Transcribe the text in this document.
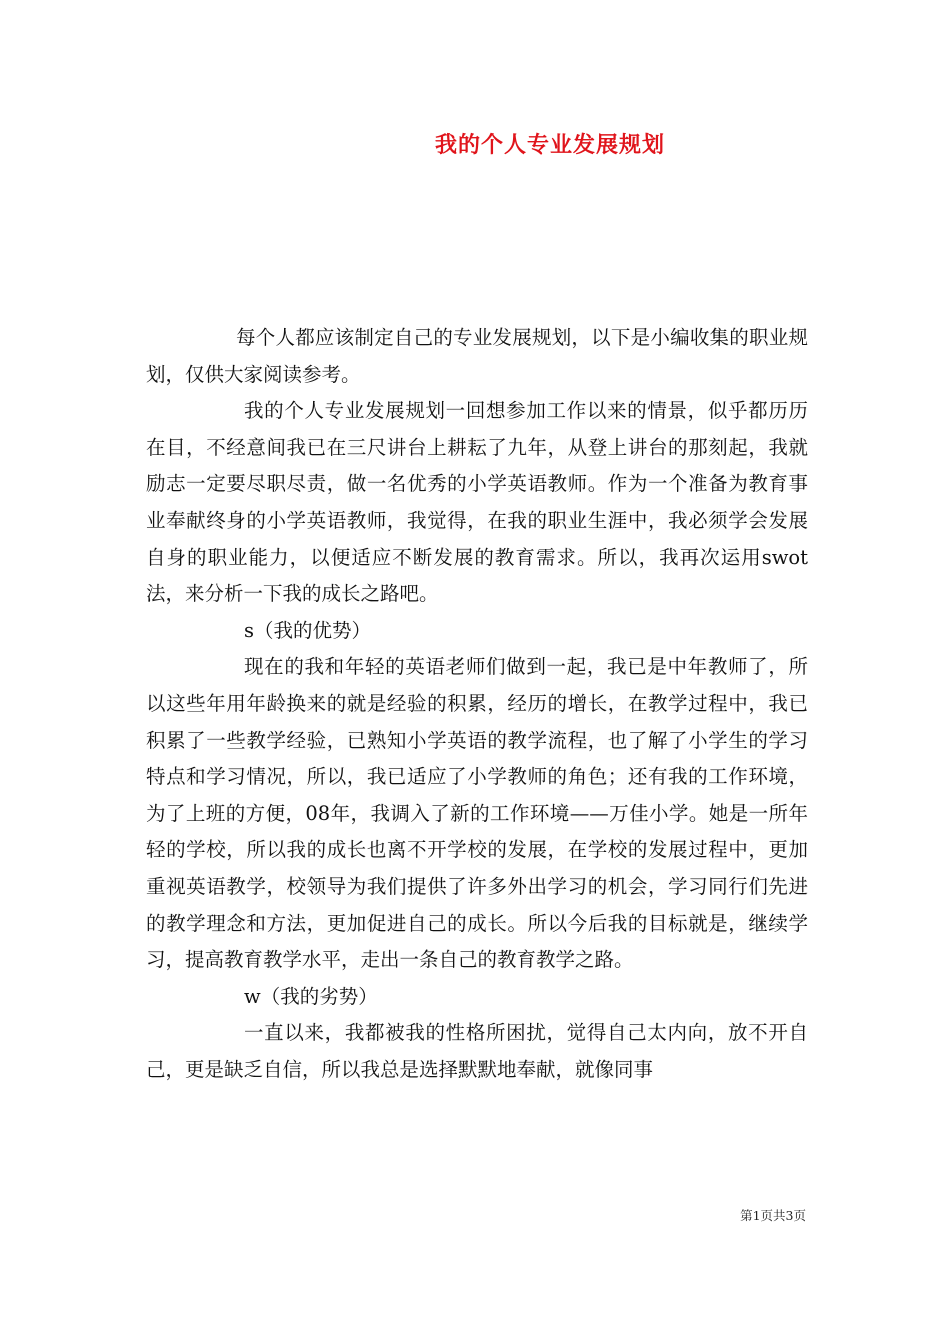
我的个人专业发展规划

每个人都应该制定自己的专业发展规划，以下是小编收集的职业规划，仅供大家阅读参考。

我的个人专业发展规划一回想参加工作以来的情景，似乎都历历在目，不经意间我已在三尺讲台上耕耘了九年，从登上讲台的那刻起，我就励志一定要尽职尽责，做一名优秀的小学英语教师。作为一个准备为教育事业奉献终身的小学英语教师，我觉得，在我的职业生涯中，我必须学会发展自身的职业能力，以便适应不断发展的教育需求。所以，我再次运用swot法，来分析一下我的成长之路吧。

s（我的优势）

现在的我和年轻的英语老师们做到一起，我已是中年教师了，所以这些年用年龄换来的就是经验的积累，经历的增长，在教学过程中，我已积累了一些教学经验，已熟知小学英语的教学流程，也了解了小学生的学习特点和学习情况，所以，我已适应了小学教师的角色；还有我的工作环境，为了上班的方便，08年，我调入了新的工作环境——万佳小学。她是一所年轻的学校，所以我的成长也离不开学校的发展，在学校的发展过程中，更加重视英语教学，校领导为我们提供了许多外出学习的机会，学习同行们先进的教学理念和方法，更加促进自己的成长。所以今后我的目标就是，继续学习，提高教育教学水平，走出一条自己的教育教学之路。

w（我的劣势）

一直以来，我都被我的性格所困扰，觉得自己太内向，放不开自己，更是缺乏自信，所以我总是选择默默地奉献，就像同事

第1页共3页
